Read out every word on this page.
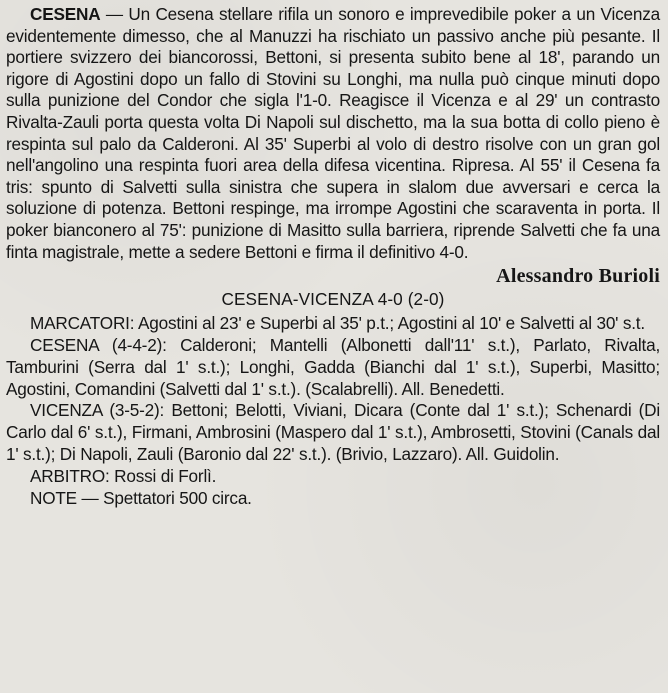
CESENA — Un Cesena stellare rifila un sonoro e imprevedibile poker a un Vicenza evidentemente dimesso, che al Manuzzi ha rischiato un passivo anche più pesante. Il portiere svizzero dei biancorossi, Bettoni, si presenta subito bene al 18', parando un rigore di Agostini dopo un fallo di Stovini su Longhi, ma nulla può cinque minuti dopo sulla punizione del Condor che sigla l'1-0. Reagisce il Vicenza e al 29' un contrasto Rivalta-Zauli porta questa volta Di Napoli sul dischetto, ma la sua botta di collo pieno è respinta sul palo da Calderoni. Al 35' Superbi al volo di destro risolve con un gran gol nell'angolino una respinta fuori area della difesa vicentina. Ripresa. Al 55' il Cesena fa tris: spunto di Salvetti sulla sinistra che supera in slalom due avversari e cerca la soluzione di potenza. Bettoni respinge, ma irrompe Agostini che scaraventa in porta. Il poker bianconero al 75': punizione di Masitto sulla barriera, riprende Salvetti che fa una finta magistrale, mette a sedere Bettoni e firma il definitivo 4-0.

Alessandro Burioli
CESENA-VICENZA 4-0 (2-0)

MARCATORI: Agostini al 23' e Superbi al 35' p.t.; Agostini al 10' e Salvetti al 30' s.t.

CESENA (4-4-2): Calderoni; Mantelli (Albonetti dall'11' s.t.), Parlato, Rivalta, Tamburini (Serra dal 1' s.t.); Longhi, Gadda (Bianchi dal 1' s.t.), Superbi, Masitto; Agostini, Comandini (Salvetti dal 1' s.t.). (Scalabrelli). All. Benedetti.

VICENZA (3-5-2): Bettoni; Belotti, Viviani, Dicara (Conte dal 1' s.t.); Schenardi (Di Carlo dal 6' s.t.), Firmani, Ambrosini (Maspero dal 1' s.t.), Ambrosetti, Stovini (Canals dal 1' s.t.); Di Napoli, Zauli (Baronio dal 22' s.t.). (Brivio, Lazzaro). All. Guidolin.

ARBITRO: Rossi di Forlì.

NOTE — Spettatori 500 circa.
